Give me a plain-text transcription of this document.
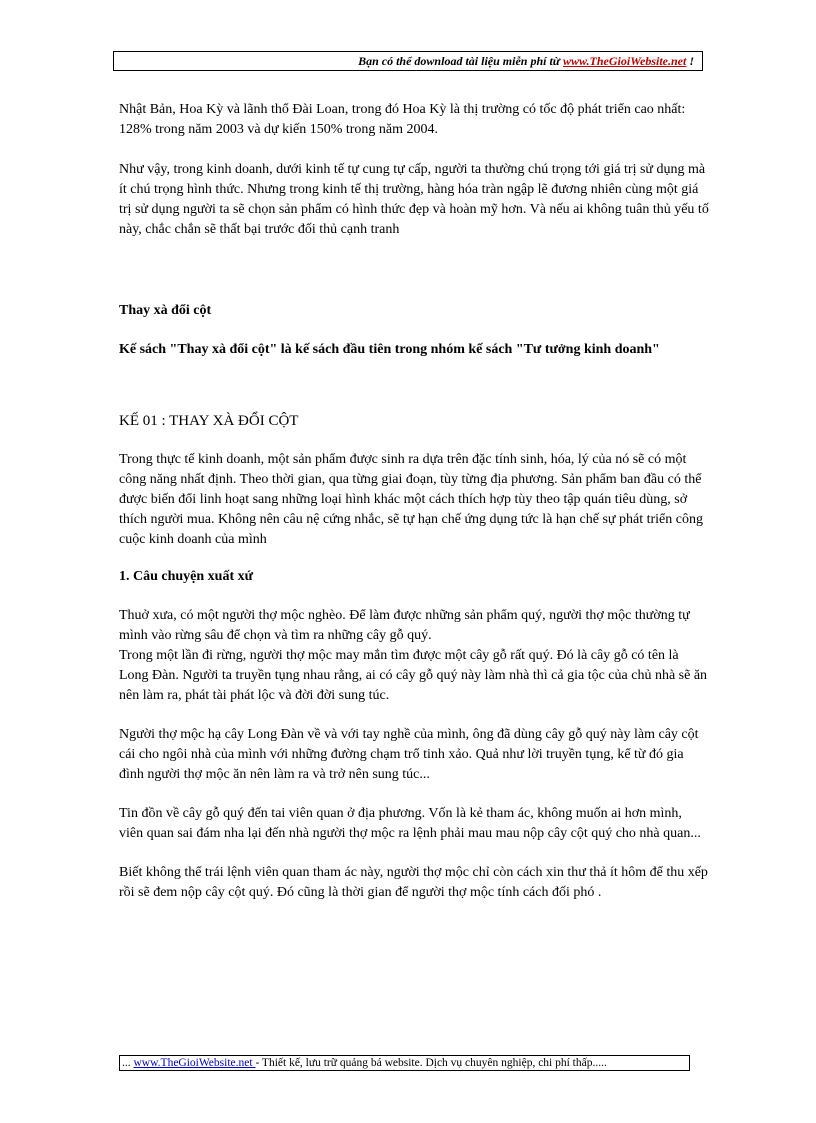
Bạn có thể download tài liệu miễn phí từ www.TheGioiWebsite.net !

Nhật Bản, Hoa Kỳ và lãnh thổ Đài Loan, trong đó Hoa Kỳ là thị trường có tốc độ phát triển cao nhất: 128% trong năm 2003 và dự kiến 150% trong năm 2004.

Như vậy, trong kinh doanh, dưới kinh tế tự cung tự cấp, người ta thường chú trọng tới giá trị sử dụng mà ít chú trọng hình thức. Nhưng trong kinh tế thị trường, hàng hóa tràn ngập lẽ đương nhiên cùng một giá trị sử dụng người ta sẽ chọn sản phẩm có hình thức đẹp và hoàn mỹ hơn. Và nếu ai không tuân thủ yếu tố này, chắc chắn sẽ thất bại trước đối thủ cạnh tranh

Thay xà đổi cột

Kế sách "Thay xà đổi cột" là kế sách đầu tiên trong nhóm kế sách "Tư tưởng kinh doanh"

KẾ 01 : THAY XÀ ĐỔI CỘT

Trong thực tế kinh doanh, một sản phẩm được sinh ra dựa trên đặc tính sinh, hóa, lý của nó sẽ có một công năng nhất định. Theo thời gian, qua từng giai đoạn, tùy từng địa phương. Sản phẩm ban đầu có thể được biến đổi linh hoạt sang những loại hình khác một cách thích hợp tùy theo tập quán tiêu dùng, sở thích người mua. Không nên câu nệ cứng nhắc, sẽ tự hạn chế ứng dụng tức là hạn chế sự phát triển công cuộc kinh doanh của mình

1. Câu chuyện xuất xứ

Thuở xưa, có một người thợ mộc nghèo. Để làm được những sản phẩm quý, người thợ mộc thường tự mình vào rừng sâu để chọn và tìm ra những cây gỗ quý.

Trong một lần đi rừng, người thợ mộc may mắn tìm được một cây gỗ rất quý. Đó là cây gỗ có tên là Long Đàn. Người ta truyền tụng nhau rằng, ai có cây gỗ quý này làm nhà thì cả gia tộc của chủ nhà sẽ ăn nên làm ra, phát tài phát lộc và đời đời sung túc.

Người thợ mộc hạ cây Long Đàn về và với tay nghề của mình, ông đã dùng cây gỗ quý này làm cây cột cái cho ngôi nhà của mình với những đường chạm trổ tinh xảo. Quả như lời truyền tụng, kể từ đó gia đình người thợ mộc ăn nên làm ra và trở nên sung túc...

Tin đồn về cây gỗ quý đến tai viên quan ở địa phương. Vốn là kẻ tham ác, không muốn ai hơn mình, viên quan sai đám nha lại đến nhà người thợ mộc ra lệnh phải mau mau nộp cây cột quý cho nhà quan...

Biết không thể trái lệnh viên quan tham ác này, người thợ mộc chỉ còn cách xin thư thả ít hôm để thu xếp rồi sẽ đem nộp cây cột quý. Đó cũng là thời gian để người thợ mộc tính cách đối phó .

... www.TheGioiWebsite.net - Thiết kế, lưu trữ quảng bá website. Dịch vụ chuyên nghiệp, chi phí thấp.....
